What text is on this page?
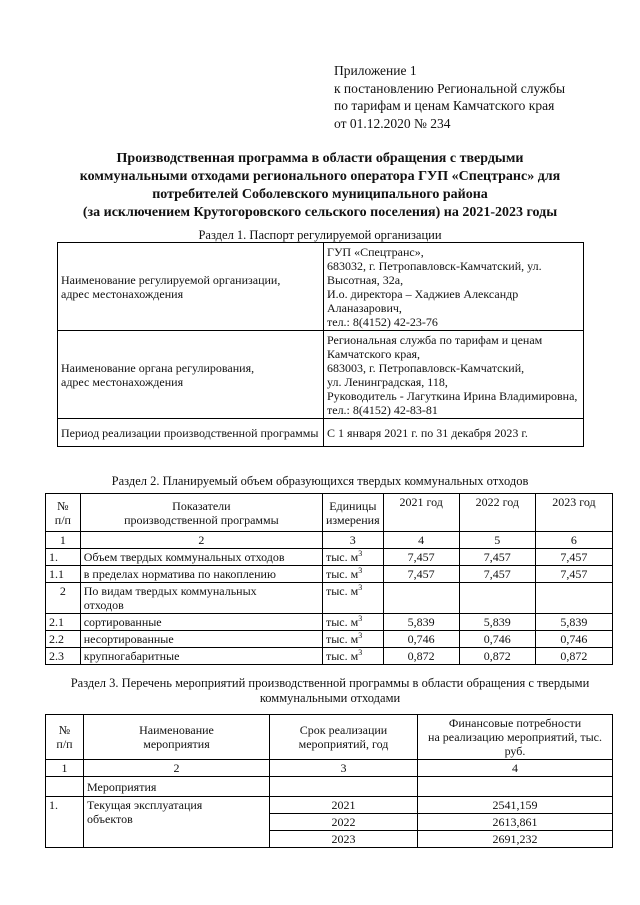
Приложение 1
к постановлению Региональной службы
по тарифам и ценам Камчатского края
от 01.12.2020 № 234
Производственная программа в области обращения с твердыми
коммунальными отходами регионального оператора ГУП «Спецтранс» для
потребителей Соболевского муниципального района
(за исключением Крутогоровского сельского поселения) на 2021-2023 годы
Раздел 1. Паспорт регулируемой организации
Наименование регулируемой организации,
адрес местонахождения	ГУП «Спецтранс»,
683032, г. Петропавловск-Камчатский, ул. Высотная, 32а,
И.о. директора – Хаджиев Александр Аланазарович,
тел.: 8(4152) 42-23-76
Наименование органа регулирования,
адрес местонахождения	Региональная служба по тарифам и ценам Камчатского края,
683003, г. Петропавловск-Камчатский,
ул. Ленинградская, 118,
Руководитель - Лагуткина Ирина Владимировна,
тел.: 8(4152) 42-83-81
Период реализации производственной программы	С 1 января 2021 г. по 31 декабря 2023 г.
Раздел 2. Планируемый объем образующихся твердых коммунальных отходов
№
п/п	Показатели
производственной программы	Единицы
измерения	2021 год	2022 год	2023 год
1	2	3	4	5	6
1.	Объем твердых коммунальных отходов	тыс. $м^3$	7,457	7,457	7,457
1.1	в пределах норматива по накоплению	тыс. $м^3$	7,457	7,457	7,457
2	По видам твердых коммунальных отходов	тыс. $м^3$			
2.1	сортированные	тыс. $м^3$	5,839	5,839	5,839
2.2	несортированные	тыс. $м^3$	0,746	0,746	0,746
2.3	крупногабаритные	тыс. $м^3$	0,872	0,872	0,872
Раздел 3. Перечень мероприятий производственной программы в области обращения с твердыми
коммунальными отходами
№
п/п	Наименование
мероприятия	Срок реализации
мероприятий, год	Финансовые потребности
на реализацию мероприятий, тыс. руб.
1	2	3	4
	Мероприятия		
1.	Текущая эксплуатация
объектов	2021	2541,159
		2022	2613,861
		2023	2691,232
